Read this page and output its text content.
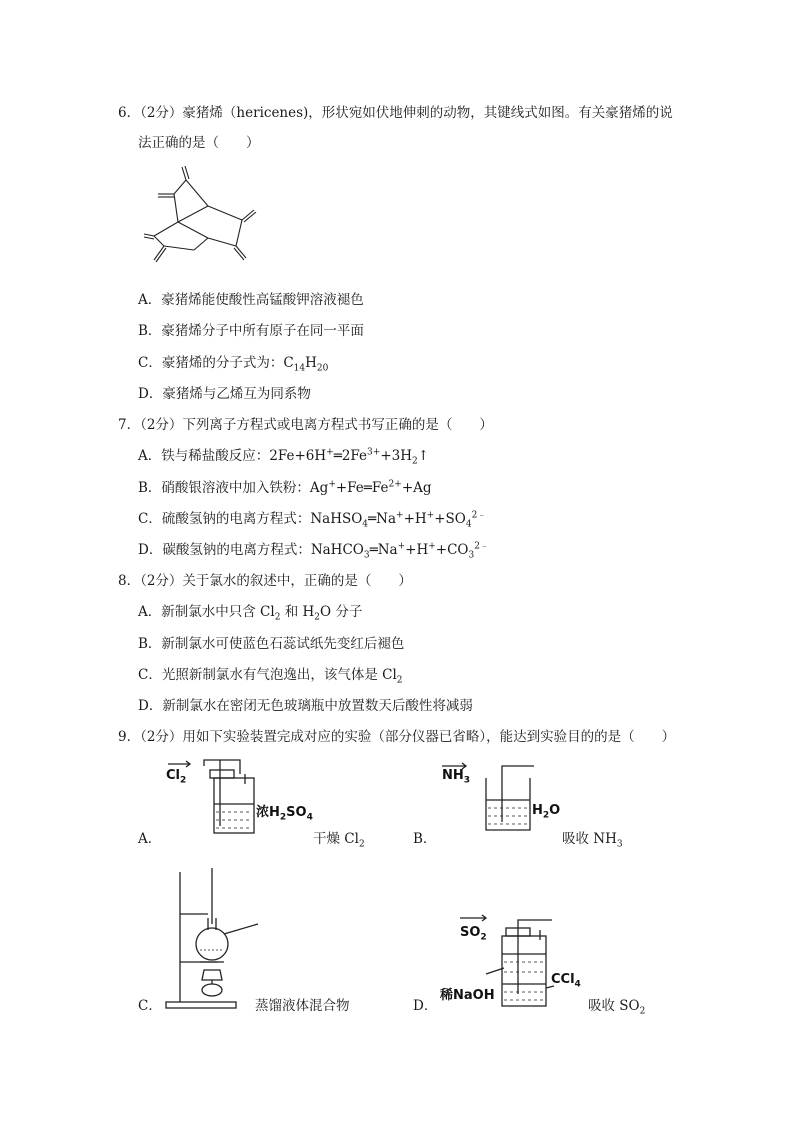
6．（2分）豪猪烯（hericenes)，形状宛如伏地伸刺的动物，其键线式如图。有关豪猪烯的说
法正确的是（　　）
A．豪猪烯能使酸性高锰酸钾溶液褪色
B．豪猪烯分子中所有原子在同一平面
C．豪猪烯的分子式为：$C_{14}H_{20}$
D．豪猪烯与乙烯互为同系物
7．（2分）下列离子方程式或电离方程式书写正确的是（　　）
A．铁与稀盐酸反应：$2Fe+6H^+═2Fe^{3+}+3H_2↑$
B．硝酸银溶液中加入铁粉：$Ag^++Fe═Fe^{2+}+Ag$
C．硫酸氢钠的电离方程式：$NaHSO_4═Na^++H^++SO_4^{2﹣}$
D．碳酸氢钠的电离方程式：$NaHCO_3═Na^++H^++CO_3^{2﹣}$
8．（2分）关于氯水的叙述中，正确的是（　　）
A．新制氯水中只含 $Cl_2$ 和 $H_2O$ 分子
B．新制氯水可使蓝色石蕊试纸先变红后褪色
C．光照新制氯水有气泡逸出，该气体是 $Cl_2$
D．新制氯水在密闭无色玻璃瓶中放置数天后酸性将减弱
9．（2分）用如下实验装置完成对应的实验（部分仪器已省略），能达到实验目的的是（　　）
$Cl_2$
浓$H_2SO_4$
A．	干燥 $Cl_2$
$NH_3$
$H_2O$
B．	吸收 $NH_3$
C．	蒸馏液体混合物
$SO_2$
稀NaOH
CCl$_4$
D．	吸收 $SO_2$
